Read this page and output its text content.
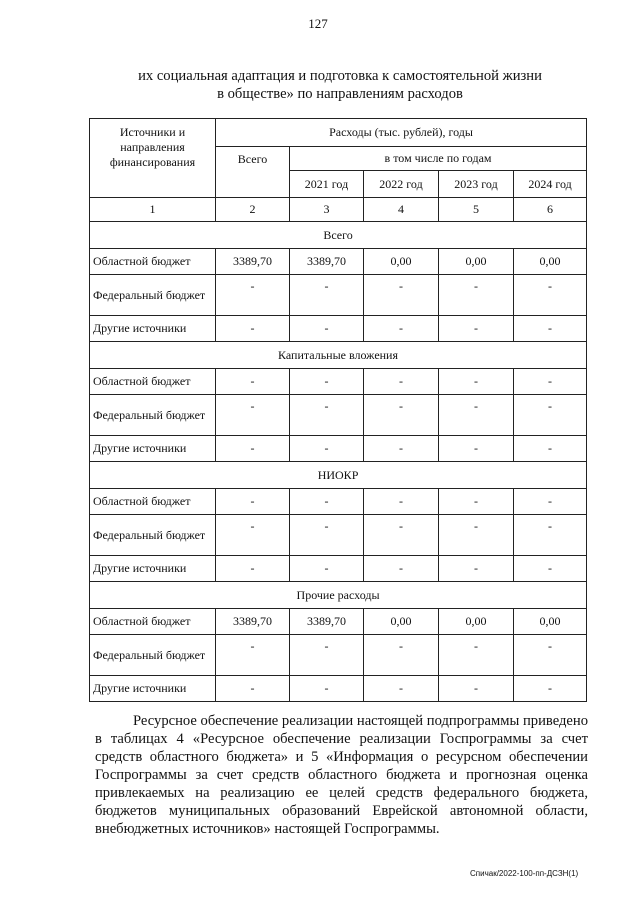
127
их социальная адаптация и подготовка к самостоятельной жизни
в обществе» по направлениям расходов
Источники и направления финансирования	Расходы (тыс. рублей), годы				
	Всего	в том числе по годам			
		2021 год	2022 год	2023 год	2024 год
1	2	3	4	5	6
Всего					
Областной бюджет	3389,70	3389,70	0,00	0,00	0,00
Федеральный бюджет	-	-	-	-	-
Другие источники	-	-	-	-	-
Капитальные вложения					
Областной бюджет	-	-	-	-	-
Федеральный бюджет	-	-	-	-	-
Другие источники	-	-	-	-	-
НИОКР					
Областной бюджет	-	-	-	-	-
Федеральный бюджет	-	-	-	-	-
Другие источники	-	-	-	-	-
Прочие расходы					
Областной бюджет	3389,70	3389,70	0,00	0,00	0,00
Федеральный бюджет	-	-	-	-	-
Другие источники	-	-	-	-	-

Ресурсное обеспечение реализации настоящей подпрограммы приведено в таблицах 4 «Ресурсное обеспечение реализации Госпрограммы за счет средств областного бюджета» и 5 «Информация о ресурсном обеспечении Госпрограммы за счет средств областного бюджета и прогнозная оценка привлекаемых на реализацию ее целей средств федерального бюджета, бюджетов муниципальных образований Еврейской автономной области, внебюджетных источников» настоящей Госпрограммы.

Спичак/2022-100-пп-ДСЗН(1)
